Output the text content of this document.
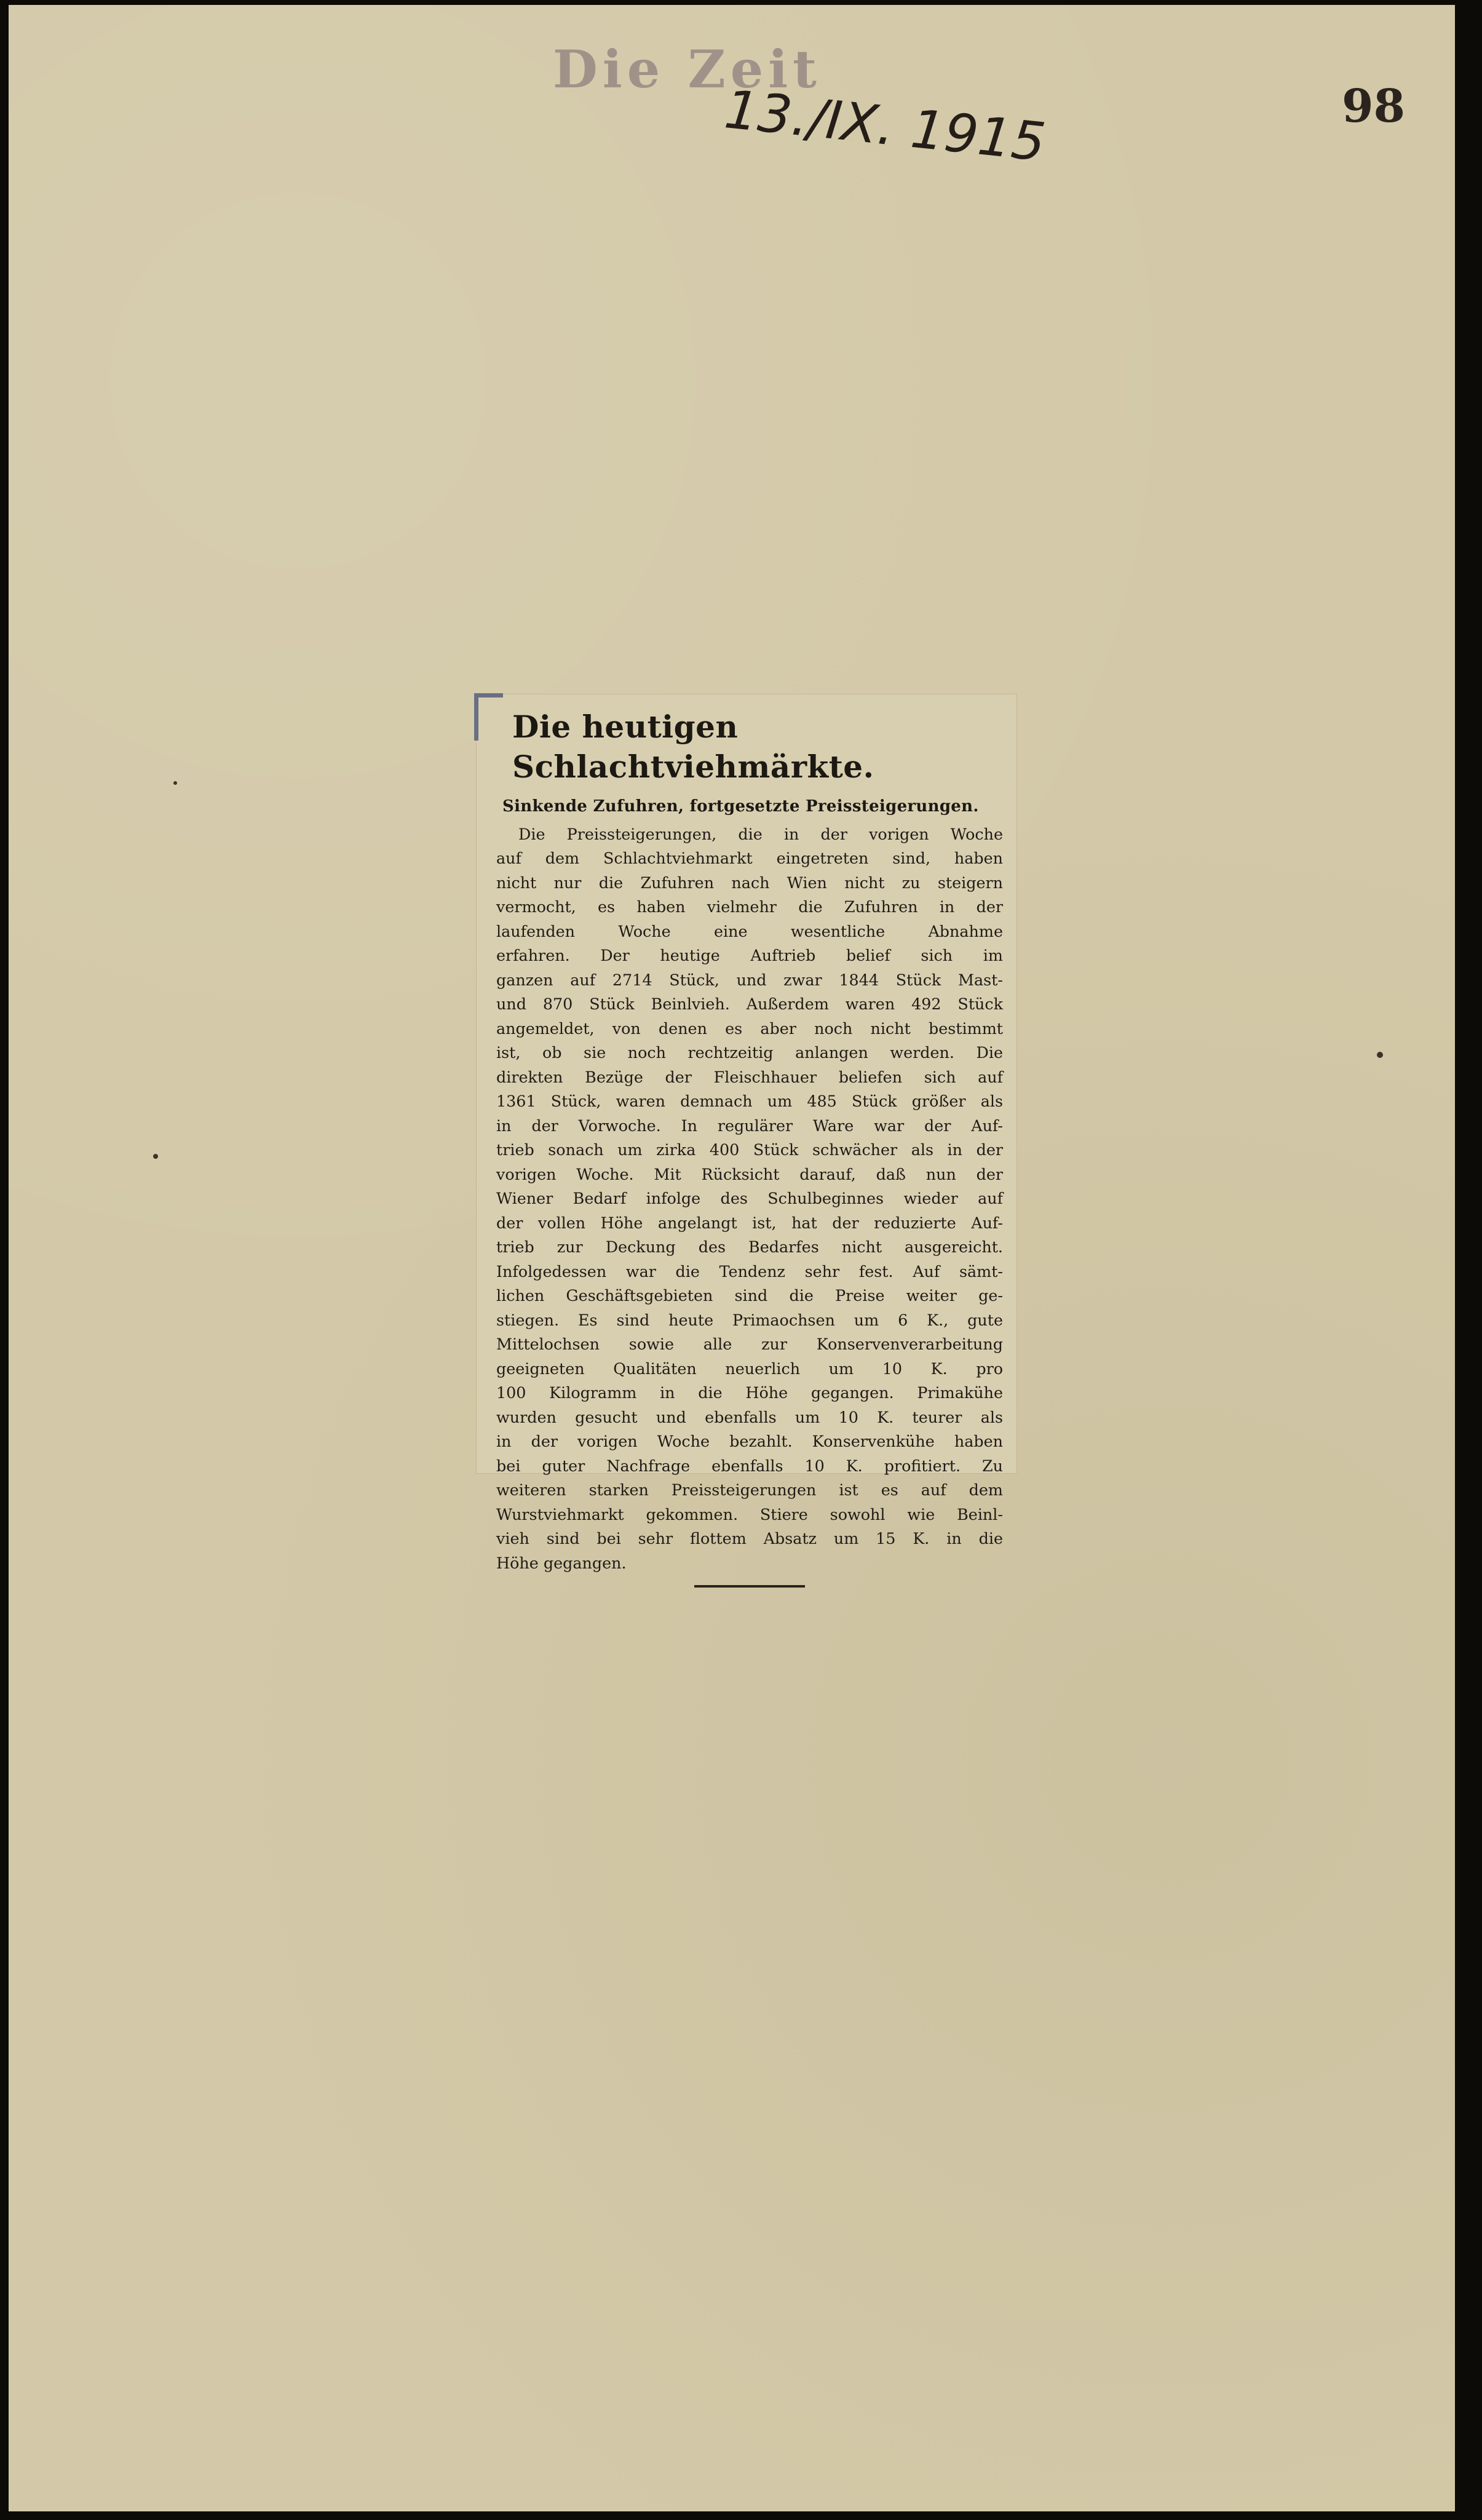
Die Zeit
13./IX. 1915	98
Die heutigen Schlachtviehmärkte.
Sinkende Zufuhren, fortgesetzte Preissteigerungen.
Die Preissteigerungen, die in der vorigen Woche
auf dem Schlachtviehmarkt eingetreten sind, haben
nicht nur die Zufuhren nach Wien nicht zu steigern
vermocht, es haben vielmehr die Zufuhren in der
laufenden Woche eine wesentliche Abnahme
erfahren. Der heutige Auftrieb belief sich im
ganzen auf 2714 Stück, und zwar 1844 Stück Mast-
und 870 Stück Beinlvieh. Außerdem waren 492 Stück
angemeldet, von denen es aber noch nicht bestimmt
ist, ob sie noch rechtzeitig anlangen werden. Die
direkten Bezüge der Fleischhauer beliefen sich auf
1361 Stück, waren demnach um 485 Stück größer als
in der Vorwoche. In regulärer Ware war der Auf-
trieb sonach um zirka 400 Stück schwächer als in der
vorigen Woche. Mit Rücksicht darauf, daß nun der
Wiener Bedarf infolge des Schulbeginnes wieder auf
der vollen Höhe angelangt ist, hat der reduzierte Auf-
trieb zur Deckung des Bedarfes nicht ausgereicht.
Infolgedessen war die Tendenz sehr fest. Auf sämt-
lichen Geschäftsgebieten sind die Preise weiter ge-
stiegen. Es sind heute Primaochsen um 6 K., gute
Mittelochsen sowie alle zur Konservenverarbeitung
geeigneten Qualitäten neuerlich um 10 K. pro
100 Kilogramm in die Höhe gegangen. Primakühe
wurden gesucht und ebenfalls um 10 K. teurer als
in der vorigen Woche bezahlt. Konservenkühe haben
bei guter Nachfrage ebenfalls 10 K. profitiert. Zu
weiteren starken Preissteigerungen ist es auf dem
Wurstviehmarkt gekommen. Stiere sowohl wie Beinl-
vieh sind bei sehr flottem Absatz um 15 K. in die
Höhe gegangen.
